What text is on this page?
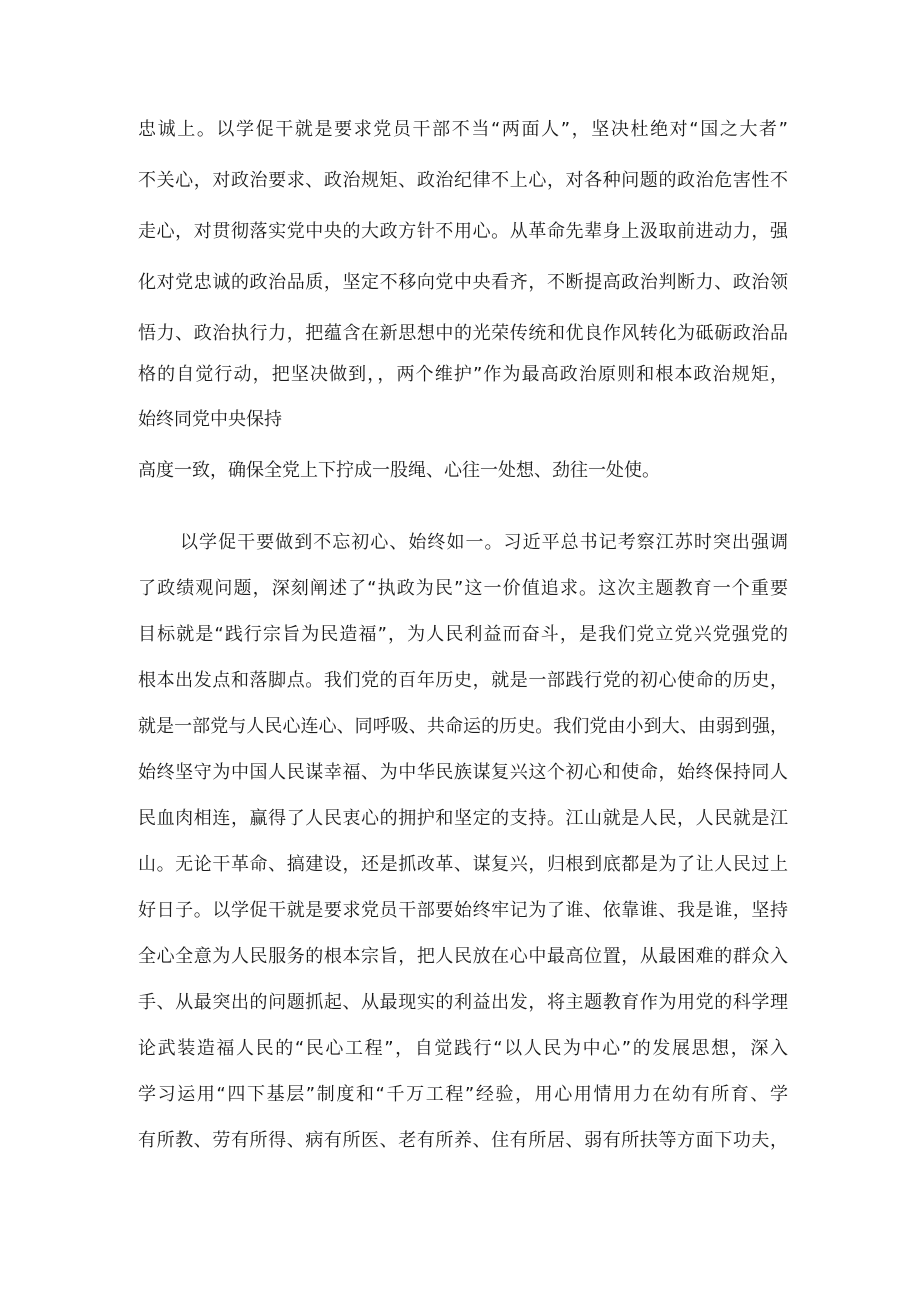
忠诚上。以学促干就是要求党员干部不当“两面人”，坚决杜绝对“国之大者”
不关心，对政治要求、政治规矩、政治纪律不上心，对各种问题的政治危害性不
走心，对贯彻落实党中央的大政方针不用心。从革命先辈身上汲取前进动力，强
化对党忠诚的政治品质，坚定不移向党中央看齐，不断提高政治判断力、政治领
悟力、政治执行力，把蕴含在新思想中的光荣传统和优良作风转化为砥砺政治品
格的自觉行动，把坚决做到，，两个维护”作为最高政治原则和根本政治规矩，
始终同党中央保持
高度一致，确保全党上下拧成一股绳、心往一处想、劲往一处使。
以学促干要做到不忘初心、始终如一。习近平总书记考察江苏时突出强调
了政绩观问题，深刻阐述了“执政为民”这一价值追求。这次主题教育一个重要
目标就是“践行宗旨为民造福”，为人民利益而奋斗，是我们党立党兴党强党的
根本出发点和落脚点。我们党的百年历史，就是一部践行党的初心使命的历史，
就是一部党与人民心连心、同呼吸、共命运的历史。我们党由小到大、由弱到强，
始终坚守为中国人民谋幸福、为中华民族谋复兴这个初心和使命，始终保持同人
民血肉相连，赢得了人民衷心的拥护和坚定的支持。江山就是人民，人民就是江
山。无论干革命、搞建设，还是抓改革、谋复兴，归根到底都是为了让人民过上
好日子。以学促干就是要求党员干部要始终牢记为了谁、依靠谁、我是谁，坚持
全心全意为人民服务的根本宗旨，把人民放在心中最高位置，从最困难的群众入
手、从最突出的问题抓起、从最现实的利益出发，将主题教育作为用党的科学理
论武装造福人民的“民心工程”，自觉践行“以人民为中心”的发展思想，深入
学习运用“四下基层”制度和“千万工程”经验，用心用情用力在幼有所育、学
有所教、劳有所得、病有所医、老有所养、住有所居、弱有所扶等方面下功夫，
